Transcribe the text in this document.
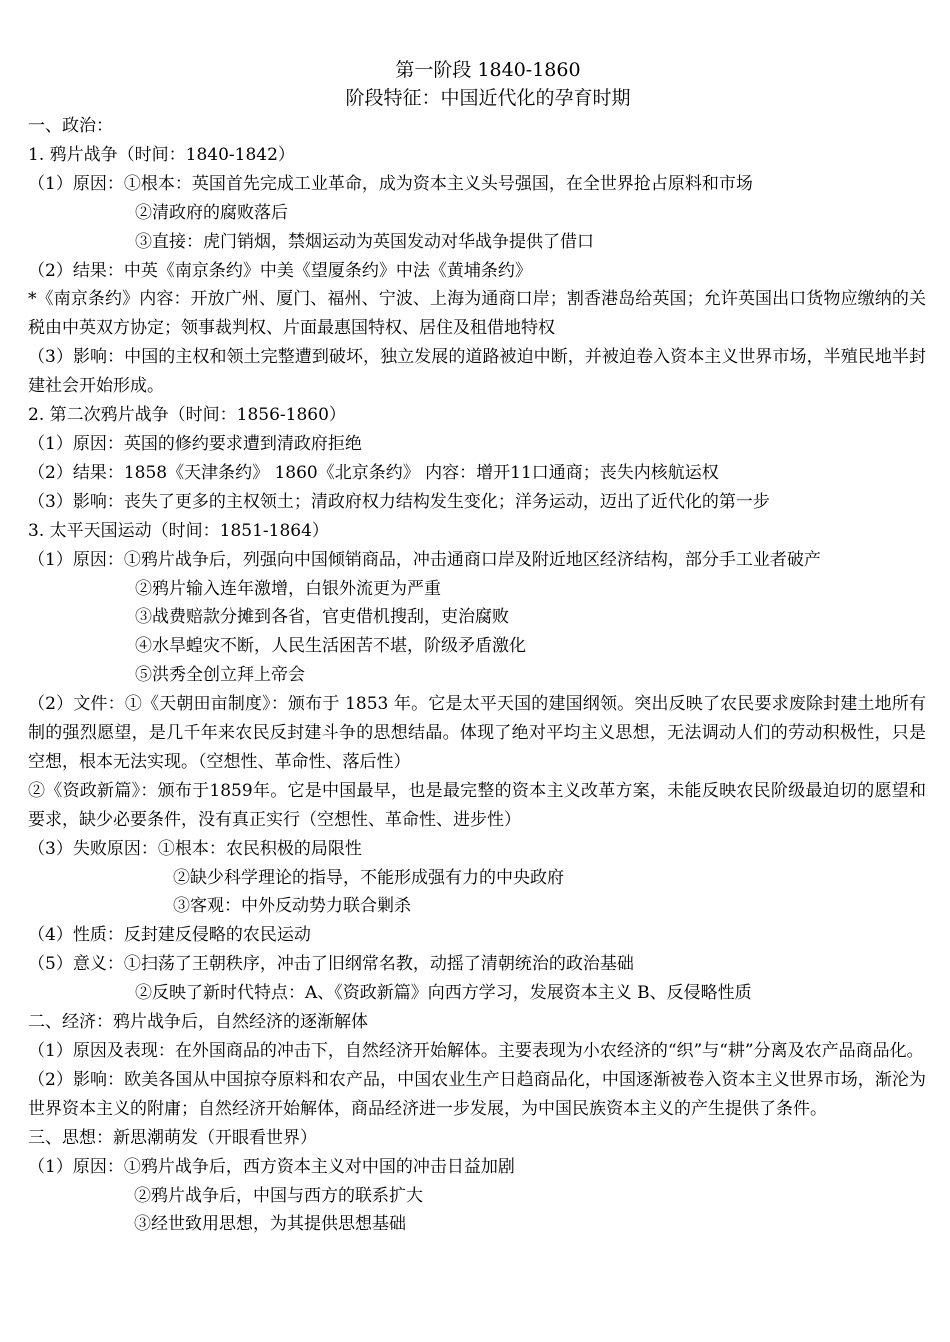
第一阶段 1840-1860
阶段特征：中国近代化的孕育时期
一、政治：
1. 鸦片战争（时间：1840-1842）
（1）原因：①根本：英国首先完成工业革命，成为资本主义头号强国，在全世界抢占原料和市场
②清政府的腐败落后
③直接：虎门销烟，禁烟运动为英国发动对华战争提供了借口
（2）结果：中英《南京条约》中美《望厦条约》中法《黄埔条约》
*《南京条约》内容：开放广州、厦门、福州、宁波、上海为通商口岸；割香港岛给英国；允许英国出口货物应缴纳的关税由中英双方协定；领事裁判权、片面最惠国特权、居住及租借地特权
（3）影响：中国的主权和领土完整遭到破坏，独立发展的道路被迫中断，并被迫卷入资本主义世界市场，半殖民地半封建社会开始形成。
2. 第二次鸦片战争（时间：1856-1860）
（1）原因：英国的修约要求遭到清政府拒绝
（2）结果：1858《天津条约》 1860《北京条约》 内容：增开11口通商；丧失内核航运权
（3）影响：丧失了更多的主权领土；清政府权力结构发生变化；洋务运动，迈出了近代化的第一步
3. 太平天国运动（时间：1851-1864）
（1）原因：①鸦片战争后，列强向中国倾销商品，冲击通商口岸及附近地区经济结构，部分手工业者破产
②鸦片输入连年激增，白银外流更为严重
③战费赔款分摊到各省，官吏借机搜刮，吏治腐败
④水旱蝗灾不断，人民生活困苦不堪，阶级矛盾激化
⑤洪秀全创立拜上帝会
（2）文件：①《天朝田亩制度》：颁布于 1853 年。它是太平天国的建国纲领。突出反映了农民要求废除封建土地所有制的强烈愿望，是几千年来农民反封建斗争的思想结晶。体现了绝对平均主义思想，无法调动人们的劳动积极性，只是空想，根本无法实现。（空想性、革命性、落后性）
②《资政新篇》：颁布于1859年。它是中国最早，也是最完整的资本主义改革方案，未能反映农民阶级最迫切的愿望和要求，缺少必要条件，没有真正实行（空想性、革命性、进步性）
（3）失败原因：①根本：农民积极的局限性
②缺少科学理论的指导，不能形成强有力的中央政府
③客观：中外反动势力联合剿杀
（4）性质：反封建反侵略的农民运动
（5）意义：①扫荡了王朝秩序，冲击了旧纲常名教，动摇了清朝统治的政治基础
②反映了新时代特点：A、《资政新篇》向西方学习，发展资本主义 B、反侵略性质
二、经济：鸦片战争后，自然经济的逐渐解体
（1）原因及表现：在外国商品的冲击下，自然经济开始解体。主要表现为小农经济的“织”与“耕”分离及农产品商品化。
（2）影响：欧美各国从中国掠夺原料和农产品，中国农业生产日趋商品化，中国逐渐被卷入资本主义世界市场，渐沦为世界资本主义的附庸；自然经济开始解体，商品经济进一步发展，为中国民族资本主义的产生提供了条件。
三、思想：新思潮萌发（开眼看世界）
（1）原因：①鸦片战争后，西方资本主义对中国的冲击日益加剧
②鸦片战争后，中国与西方的联系扩大
③经世致用思想，为其提供思想基础
